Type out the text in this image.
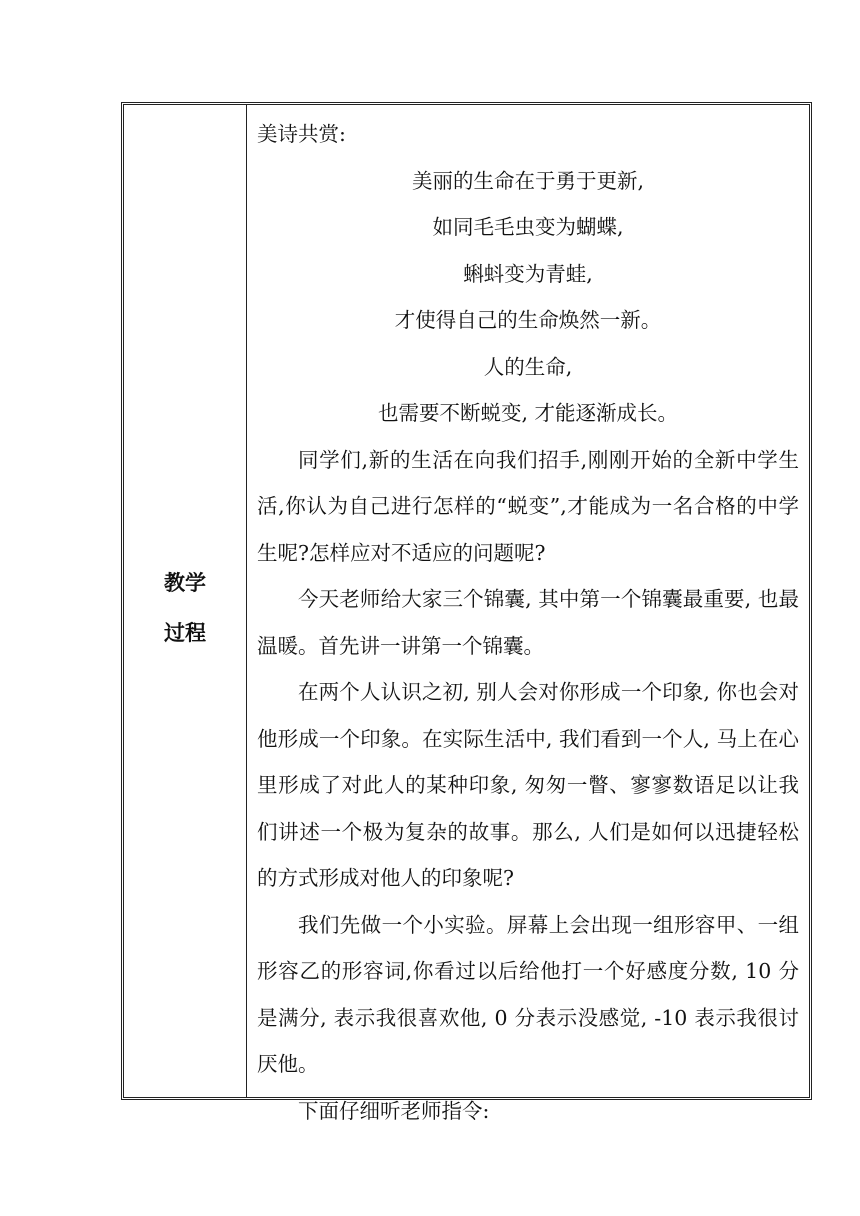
教学
过程
美诗共赏:
美丽的生命在于勇于更新,
如同毛毛虫变为蝴蝶,
蝌蚪变为青蛙,
才使得自己的生命焕然一新。
人的生命,
也需要不断蜕变, 才能逐渐成长。
同学们,新的生活在向我们招手,刚刚开始的全新中学生活,你认为自己进行怎样的“蜕变”,才能成为一名合格的中学生呢?怎样应对不适应的问题呢?
今天老师给大家三个锦囊, 其中第一个锦囊最重要, 也最温暖。首先讲一讲第一个锦囊。
在两个人认识之初, 别人会对你形成一个印象, 你也会对他形成一个印象。在实际生活中, 我们看到一个人, 马上在心里形成了对此人的某种印象, 匆匆一瞥、寥寥数语足以让我们讲述一个极为复杂的故事。那么, 人们是如何以迅捷轻松的方式形成对他人的印象呢?
我们先做一个小实验。屏幕上会出现一组形容甲、一组形容乙的形容词,你看过以后给他打一个好感度分数, 10 分是满分, 表示我很喜欢他, 0 分表示没感觉, -10 表示我很讨厌他。
下面仔细听老师指令:
